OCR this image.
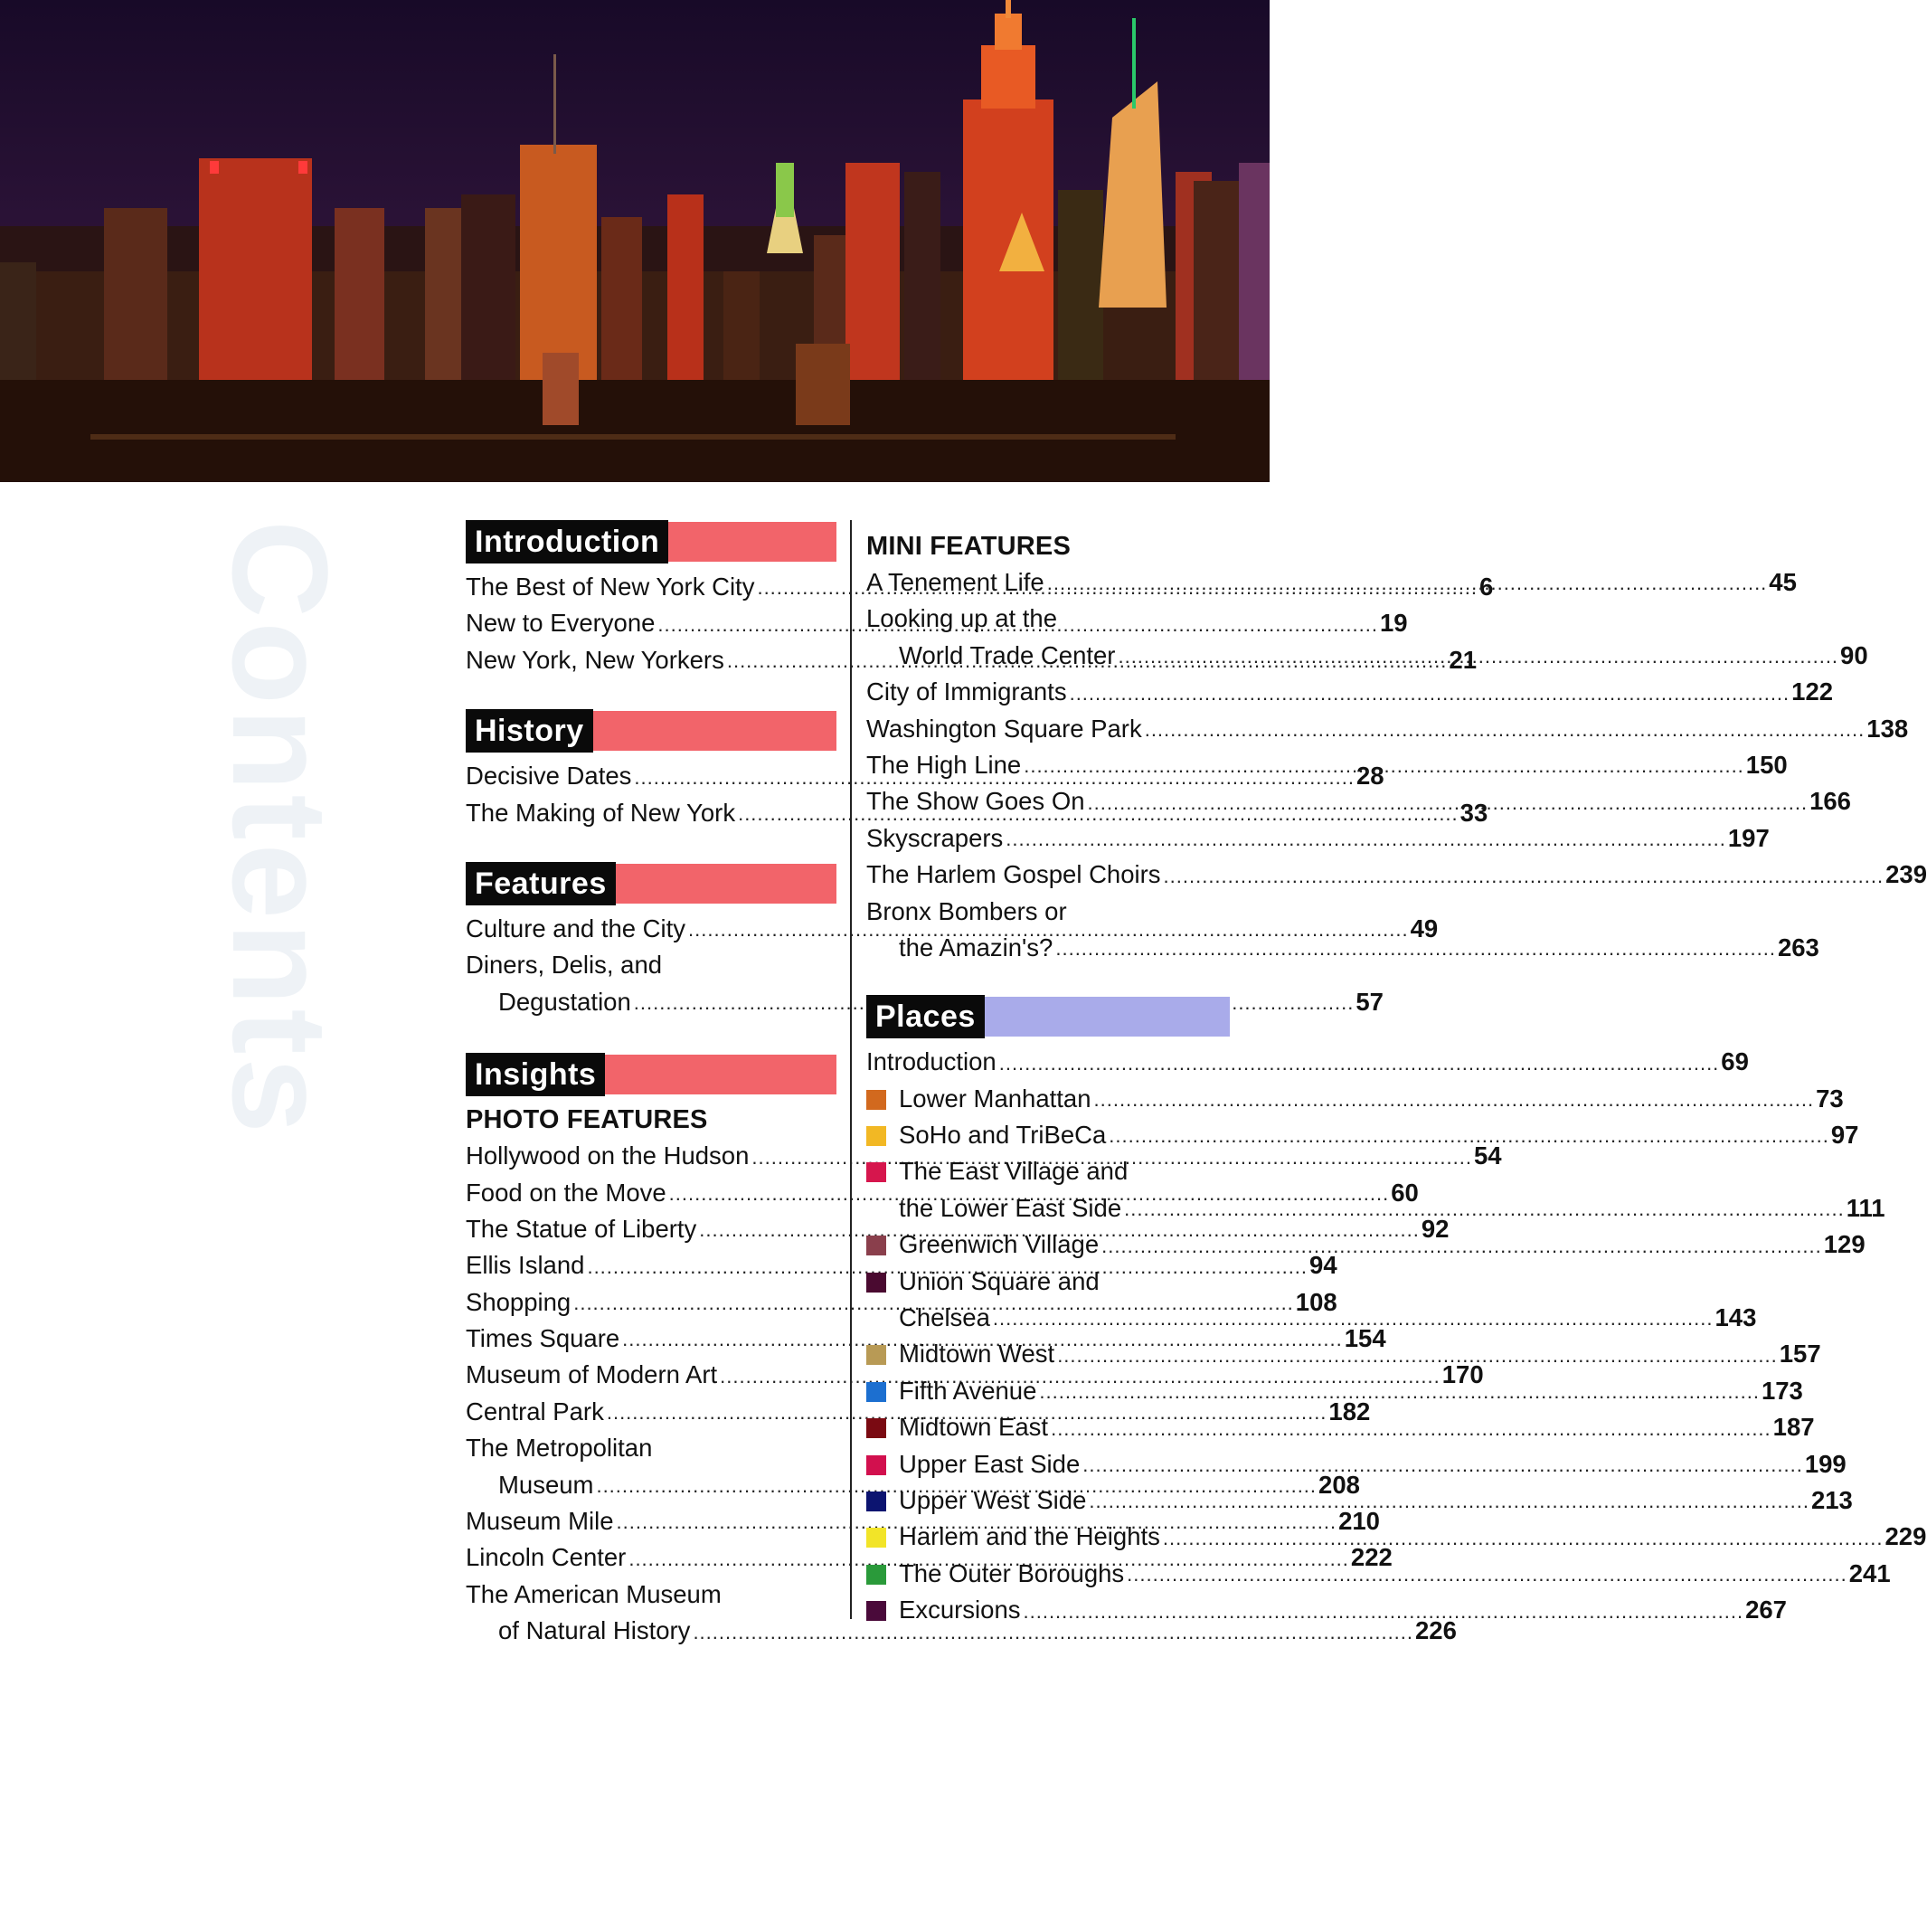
Contents	Introduction
The Best of New York City .....	6
New to Everyone .....	19
New York, New Yorkers .....	21
History
Decisive Dates .....	28
The Making of New York .....	33
Features
Culture and the City .....	49
Diners, Delis, and
Degustation .....	57
Insights
PHOTO FEATURES
Hollywood on the Hudson .....	54
Food on the Move .....	60
The Statue of Liberty .....	92
Ellis Island .....	94
Shopping .....	108
Times Square .....	154
Museum of Modern Art .....	170
Central Park .....	182
The Metropolitan
Museum .....	208
Museum Mile .....	210
Lincoln Center .....	222
The American Museum
of Natural History .....	226
MINI FEATURES
A Tenement Life .....	45
Looking up at the
World Trade Center .....	90
City of Immigrants .....	122
Washington Square Park .....	138
The High Line .....	150
The Show Goes On .....	166
Skyscrapers .....	197
The Harlem Gospel Choirs .....	239
Bronx Bombers or
the Amazin's? .....	263
Places
Introduction .....	69
Lower Manhattan .....	73
SoHo and TriBeCa .....	97
The East Village and
the Lower East Side .....	111
Greenwich Village .....	129
Union Square and
Chelsea .....	143
Midtown West .....	157
Fifth Avenue .....	173
Midtown East .....	187
Upper East Side .....	199
Upper West Side .....	213
Harlem and the Heights .....	229
The Outer Boroughs .....	241
Excursions .....	267
